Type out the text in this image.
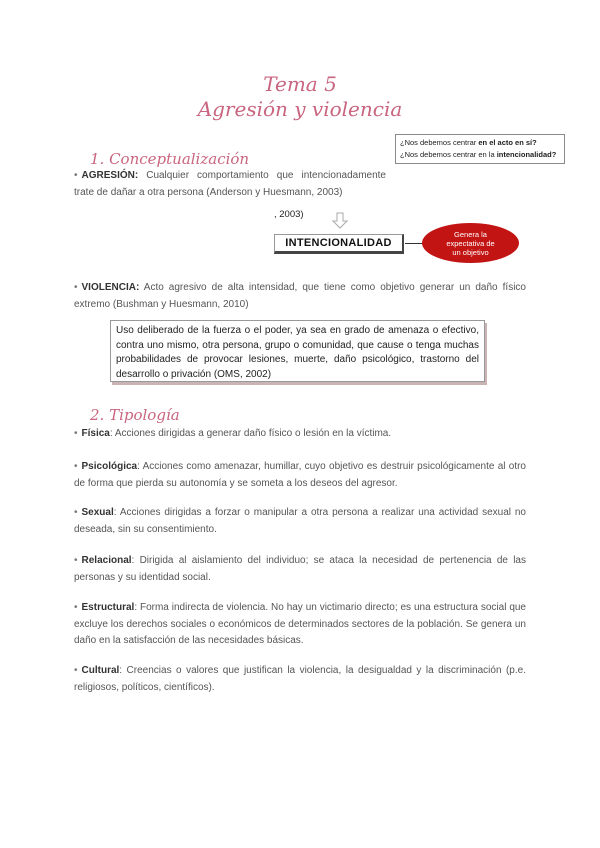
Tema 5
Agresión y violencia
¿Nos debemos centrar en el acto en sí?
¿Nos debemos centrar en la intencionalidad?
1. Conceptualización
• AGRESIÓN: Cualquier comportamiento que intencionadamente trate de dañar a otra persona (Anderson y Huesmann, 2003)
, 2003)
INTENCIONALIDAD
Genera la
expectativa de
un objetivo
• VIOLENCIA: Acto agresivo de alta intensidad, que tiene como objetivo generar un daño físico extremo (Bushman y Huesmann, 2010)
Uso deliberado de la fuerza o el poder, ya sea en grado de amenaza o efectivo, contra uno mismo, otra persona, grupo o comunidad, que cause o tenga muchas probabilidades de provocar lesiones, muerte, daño psicológico, trastorno del desarrollo o privación (OMS, 2002)
2. Tipología
• Física: Acciones dirigidas a generar daño físico o lesión en la víctima.
• Psicológica: Acciones como amenazar, humillar, cuyo objetivo es destruir psicológicamente al otro de forma que pierda su autonomía y se someta a los deseos del agresor.
• Sexual: Acciones dirigidas a forzar o manipular a otra persona a realizar una actividad sexual no deseada, sin su consentimiento.
• Relacional: Dirigida al aislamiento del individuo; se ataca la necesidad de pertenencia de las personas y su identidad social.
• Estructural: Forma indirecta de violencia. No hay un victimario directo; es una estructura social que excluye los derechos sociales o económicos de determinados sectores de la población. Se genera un daño en la satisfacción de las necesidades básicas.
• Cultural: Creencias o valores que justifican la violencia, la desigualdad y la discriminación (p.e. religiosos, políticos, científicos).
